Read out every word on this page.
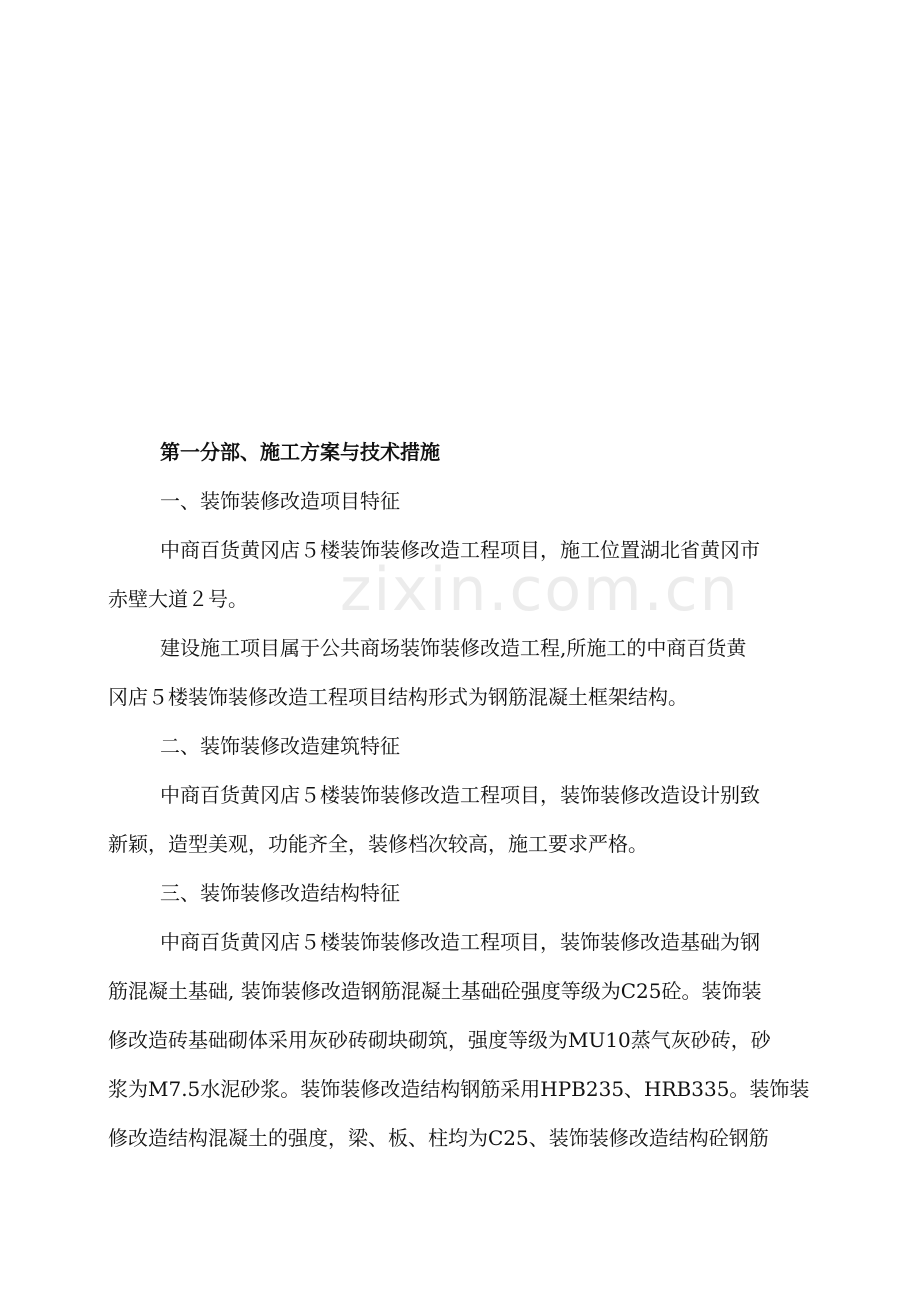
zixin.com.cn
第一分部、施工方案与技术措施
一、装饰装修改造项目特征
中商百货黄冈店５楼装饰装修改造工程项目，施工位置湖北省黄冈市
赤壁大道２号。
建设施工项目属于公共商场装饰装修改造工程,所施工的中商百货黄
冈店５楼装饰装修改造工程项目结构形式为钢筋混凝土框架结构。
二、装饰装修改造建筑特征
中商百货黄冈店５楼装饰装修改造工程项目，装饰装修改造设计别致
新颖，造型美观，功能齐全，装修档次较高，施工要求严格。
三、装饰装修改造结构特征
中商百货黄冈店５楼装饰装修改造工程项目，装饰装修改造基础为钢
筋混凝土基础, 装饰装修改造钢筋混凝土基础砼强度等级为C25砼。装饰装
修改造砖基础砌体采用灰砂砖砌块砌筑，强度等级为MU10蒸气灰砂砖，砂
浆为M7.5水泥砂浆。装饰装修改造结构钢筋采用HPB235、HRB335。装饰装
修改造结构混凝土的强度，梁、板、柱均为C25、装饰装修改造结构砼钢筋
